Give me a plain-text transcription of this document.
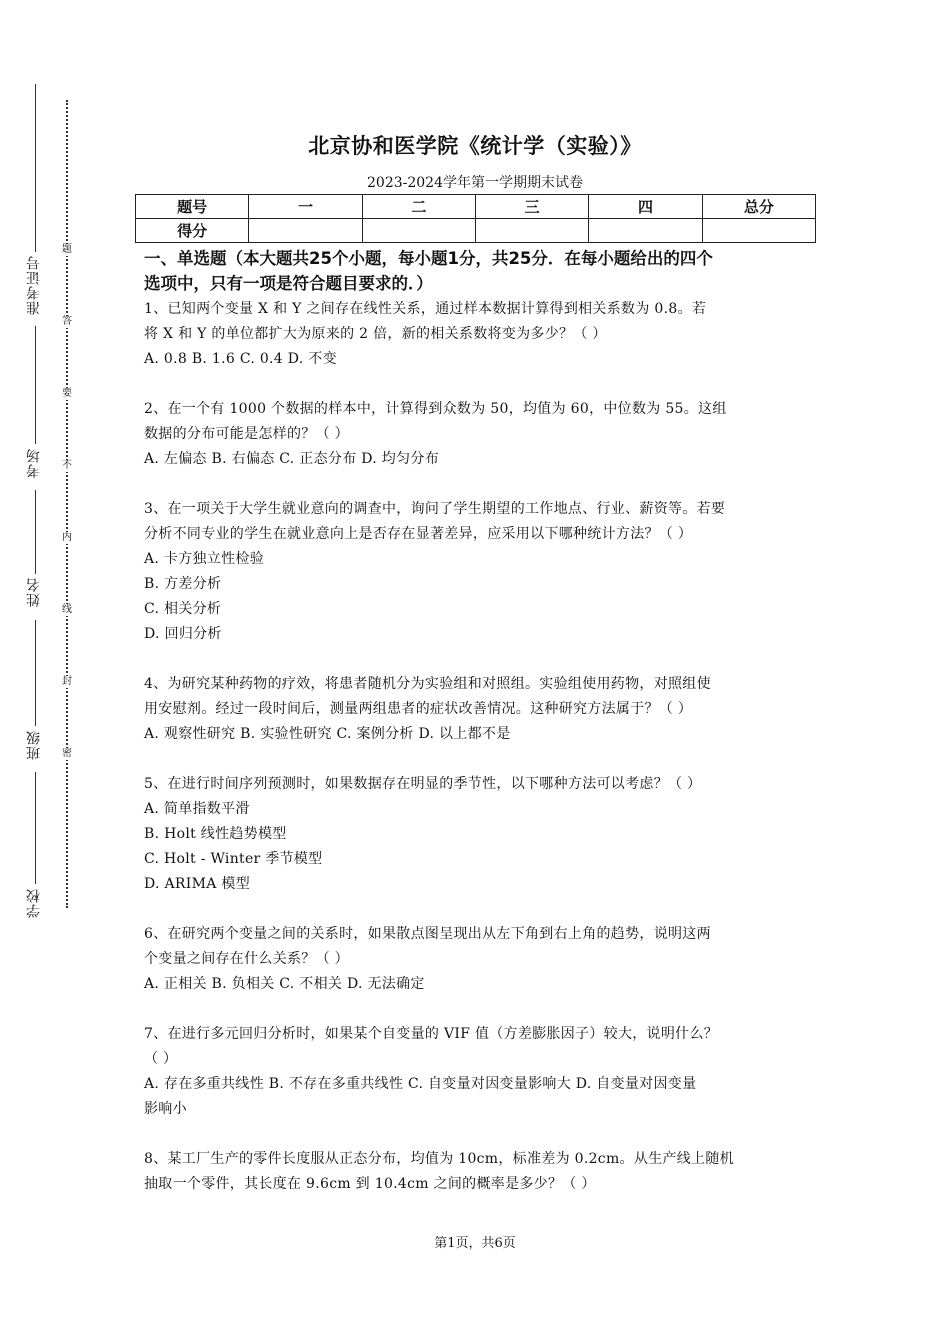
准考证号
考场
姓名
班级
学校
题
答
要
不
内
线
封
密
北京协和医学院《统计学（实验）》
2023-2024学年第一学期期末试卷
题号	一	二	三	四	总分
得分					
一、单选题（本大题共25个小题，每小题1分，共25分．在每小题给出的四个
选项中，只有一项是符合题目要求的．）
1、已知两个变量 X 和 Y 之间存在线性关系，通过样本数据计算得到相关系数为 0.8。若
将 X 和 Y 的单位都扩大为原来的 2 倍，新的相关系数将变为多少？（ ）
A. 0.8 B. 1.6 C. 0.4 D. 不变
2、在一个有 1000 个数据的样本中，计算得到众数为 50，均值为 60，中位数为 55。这组
数据的分布可能是怎样的？（ ）
A. 左偏态 B. 右偏态 C. 正态分布 D. 均匀分布
3、在一项关于大学生就业意向的调查中，询问了学生期望的工作地点、行业、薪资等。若要
分析不同专业的学生在就业意向上是否存在显著差异，应采用以下哪种统计方法？（ ）
A. 卡方独立性检验
B. 方差分析
C. 相关分析
D. 回归分析
4、为研究某种药物的疗效，将患者随机分为实验组和对照组。实验组使用药物，对照组使
用安慰剂。经过一段时间后，测量两组患者的症状改善情况。这种研究方法属于？（ ）
A. 观察性研究 B. 实验性研究 C. 案例分析 D. 以上都不是
5、在进行时间序列预测时，如果数据存在明显的季节性，以下哪种方法可以考虑？（ ）
A. 简单指数平滑
B. Holt 线性趋势模型
C. Holt - Winter 季节模型
D. ARIMA 模型
6、在研究两个变量之间的关系时，如果散点图呈现出从左下角到右上角的趋势，说明这两
个变量之间存在什么关系？（ ）
A. 正相关 B. 负相关 C. 不相关 D. 无法确定
7、在进行多元回归分析时，如果某个自变量的 VIF 值（方差膨胀因子）较大，说明什么？
（ ）
A. 存在多重共线性 B. 不存在多重共线性 C. 自变量对因变量影响大 D. 自变量对因变量
影响小
8、某工厂生产的零件长度服从正态分布，均值为 10cm，标准差为 0.2cm。从生产线上随机
抽取一个零件，其长度在 9.6cm 到 10.4cm 之间的概率是多少？（ ）
第1页，共6页
